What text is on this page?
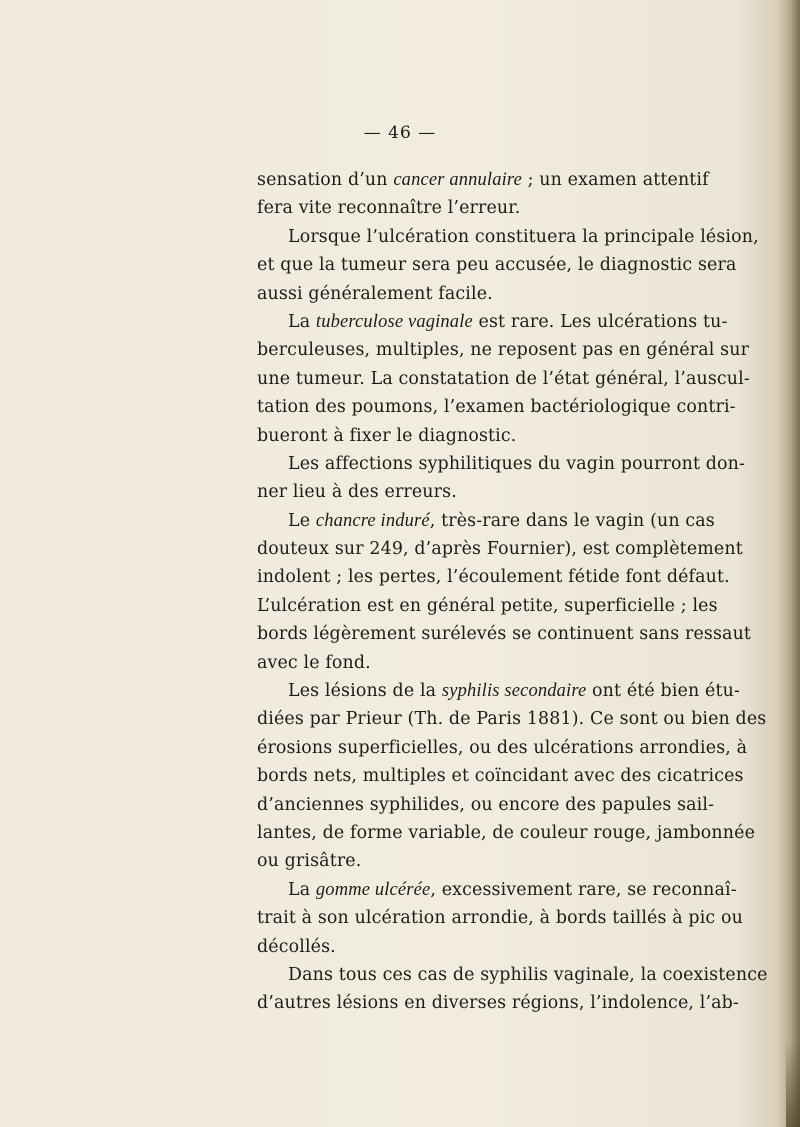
— 46 —
sensation d’un cancer annulaire ; un examen attentif
fera vite reconnaître l’erreur.
Lorsque l’ulcération constituera la principale lésion,
et que la tumeur sera peu accusée, le diagnostic sera
aussi généralement facile.
La tuberculose vaginale est rare. Les ulcérations tu-
berculeuses, multiples, ne reposent pas en général sur
une tumeur. La constatation de l’état général, l’auscul-
tation des poumons, l’examen bactériologique contri-
bueront à fixer le diagnostic.
Les affections syphilitiques du vagin pourront don-
ner lieu à des erreurs.
Le chancre induré, très-rare dans le vagin (un cas
douteux sur 249, d’après Fournier), est complètement
indolent ; les pertes, l’écoulement fétide font défaut.
L’ulcération est en général petite, superficielle ; les
bords légèrement surélevés se continuent sans ressaut
avec le fond.
Les lésions de la syphilis secondaire ont été bien étu-
diées par Prieur (Th. de Paris 1881). Ce sont ou bien des
érosions superficielles, ou des ulcérations arrondies, à
bords nets, multiples et coïncidant avec des cicatrices
d’anciennes syphilides, ou encore des papules sail-
lantes, de forme variable, de couleur rouge, jambonnée
ou grisâtre.
La gomme ulcérée, excessivement rare, se reconnaî-
trait à son ulcération arrondie, à bords taillés à pic ou
décollés.
Dans tous ces cas de syphilis vaginale, la coexistence
d’autres lésions en diverses régions, l’indolence, l’ab-
